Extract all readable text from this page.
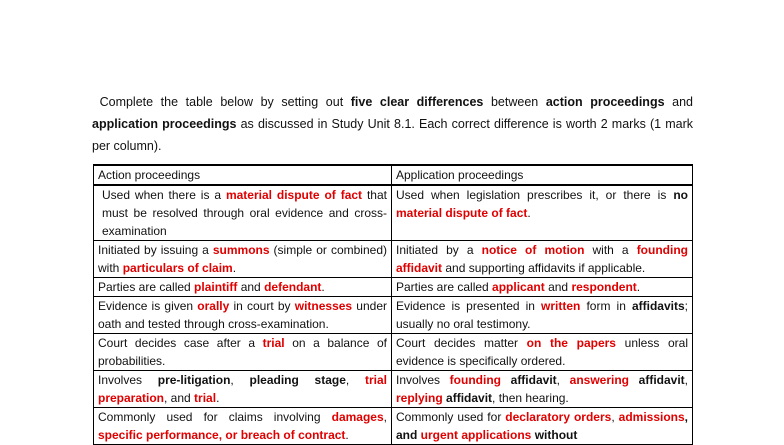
Complete the table below by setting out five clear differences between action proceedings and application proceedings as discussed in Study Unit 8.1. Each correct difference is worth 2 marks (1 mark per column).

Action proceedings	Application proceedings
Used when there is a material dispute of fact that must be resolved through oral evidence and cross-examination	Used when legislation prescribes it, or there is no material dispute of fact.
Initiated by issuing a summons (simple or combined) with particulars of claim.	Initiated by a notice of motion with a founding affidavit and supporting affidavits if applicable.
Parties are called plaintiff and defendant.	Parties are called applicant and respondent.
Evidence is given orally in court by witnesses under oath and tested through cross-examination.	Evidence is presented in written form in affidavits; usually no oral testimony.
Court decides case after a trial on a balance of probabilities.	Court decides matter on the papers unless oral evidence is specifically ordered.
Involves pre-litigation, pleading stage, trial preparation, and trial.	Involves founding affidavit, answering affidavit, replying affidavit, then hearing.
Commonly used for claims involving damages, specific performance, or breach of contract.	Commonly used for declaratory orders, admissions, and urgent applications without
